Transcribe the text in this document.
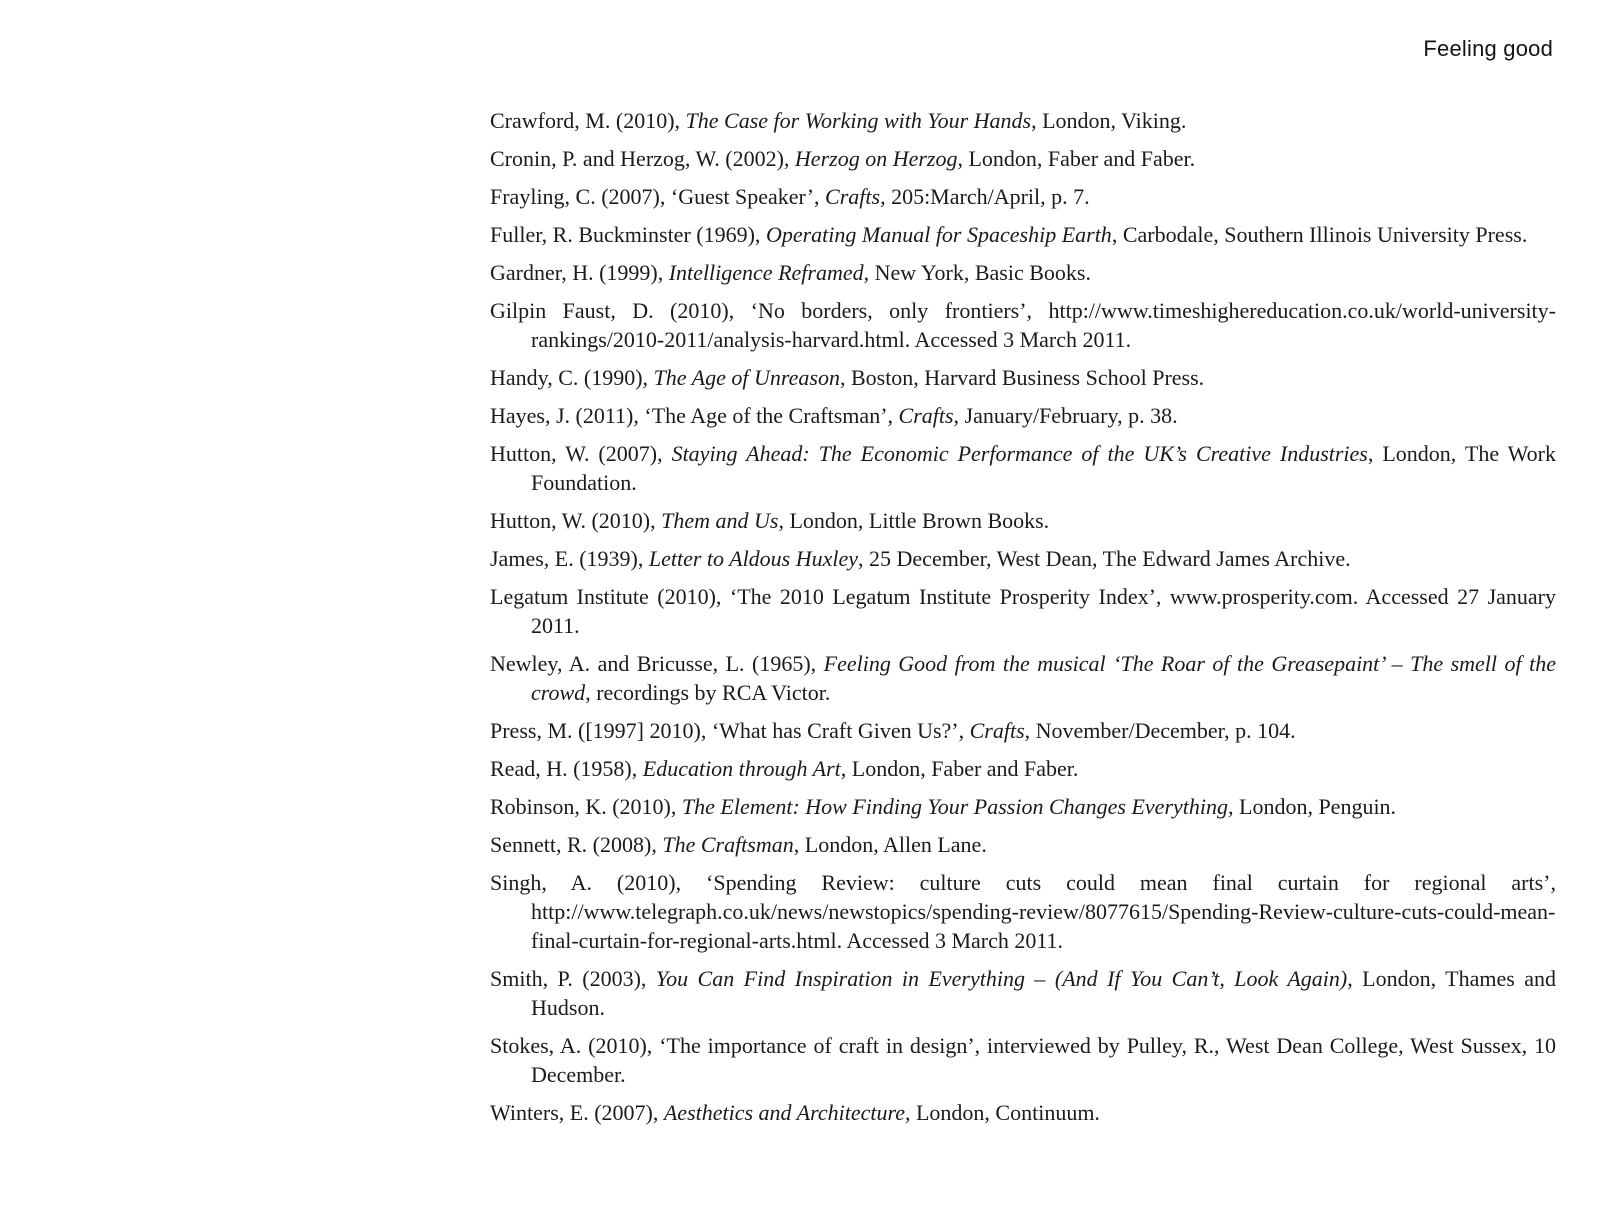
Feeling good

Crawford, M. (2010), The Case for Working with Your Hands, London, Viking.

Cronin, P. and Herzog, W. (2002), Herzog on Herzog, London, Faber and Faber.

Frayling, C. (2007), ‘Guest Speaker’, Crafts, 205:March/April, p. 7.

Fuller, R. Buckminster (1969), Operating Manual for Spaceship Earth, Carbodale, Southern Illinois University Press.

Gardner, H. (1999), Intelligence Reframed, New York, Basic Books.

Gilpin Faust, D. (2010), ‘No borders, only frontiers’, http://www.timeshighereducation.co.uk/world-university-rankings/2010-2011/analysis-harvard.html. Accessed 3 March 2011.

Handy, C. (1990), The Age of Unreason, Boston, Harvard Business School Press.

Hayes, J. (2011), ‘The Age of the Craftsman’, Crafts, January/February, p. 38.

Hutton, W. (2007), Staying Ahead: The Economic Performance of the UK’s Creative Industries, London, The Work Foundation.

Hutton, W. (2010), Them and Us, London, Little Brown Books.

James, E. (1939), Letter to Aldous Huxley, 25 December, West Dean, The Edward James Archive.

Legatum Institute (2010), ‘The 2010 Legatum Institute Prosperity Index’, www.prosperity.com. Accessed 27 January 2011.

Newley, A. and Bricusse, L. (1965), Feeling Good from the musical ‘The Roar of the Greasepaint’ – The smell of the crowd, recordings by RCA Victor.

Press, M. ([1997] 2010), ‘What has Craft Given Us?’, Crafts, November/December, p. 104.

Read, H. (1958), Education through Art, London, Faber and Faber.

Robinson, K. (2010), The Element: How Finding Your Passion Changes Everything, London, Penguin.

Sennett, R. (2008), The Craftsman, London, Allen Lane.

Singh, A. (2010), ‘Spending Review: culture cuts could mean final curtain for regional arts’, http://www.telegraph.co.uk/news/newstopics/spending-review/8077615/Spending-Review-culture-cuts-could-mean-final-curtain-for-regional-arts.html. Accessed 3 March 2011.

Smith, P. (2003), You Can Find Inspiration in Everything – (And If You Can’t, Look Again), London, Thames and Hudson.

Stokes, A. (2010), ‘The importance of craft in design’, interviewed by Pulley, R., West Dean College, West Sussex, 10 December.

Winters, E. (2007), Aesthetics and Architecture, London, Continuum.
